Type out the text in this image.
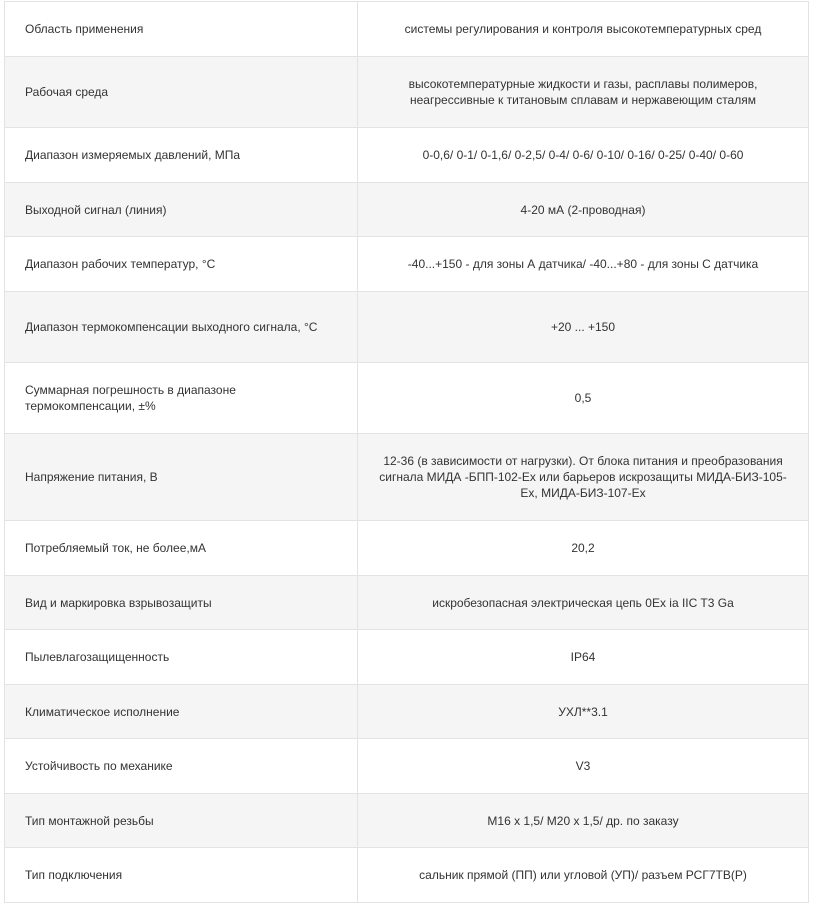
Область применения	системы регулирования и контроля высокотемпературных сред
Рабочая среда	высокотемпературные жидкости и газы, расплавы полимеров, неагрессивные к титановым сплавам и нержавеющим сталям
Диапазон измеряемых давлений, МПа	0-0,6/ 0-1/ 0-1,6/ 0-2,5/ 0-4/ 0-6/ 0-10/ 0-16/ 0-25/ 0-40/ 0-60
Выходной сигнал (линия)	4-20 мА (2-проводная)
Диапазон рабочих температур, °С	-40...+150 - для зоны А датчика/ -40...+80 - для зоны С датчика
Диапазон термокомпенсации выходного сигнала, °С	+20 ... +150
Суммарная погрешность в диапазоне термокомпенсации, ±%	0,5
Напряжение питания, В	12-36 (в зависимости от нагрузки). От блока питания и преобразования сигнала МИДА -БПП-102-Ех или барьеров искрозащиты МИДА-БИЗ-105-Ех, МИДА-БИЗ-107-Ех
Потребляемый ток, не более,мА	20,2
Вид и маркировка взрывозащиты	искробезопасная электрическая цепь 0Ex ia IIC T3 Ga
Пылевлагозащищенность	IP64
Климатическое исполнение	УХЛ**3.1
Устойчивость по механике	V3
Тип монтажной резьбы	М16 х 1,5/ М20 х 1,5/ др. по заказу
Тип подключения	сальник прямой (ПП) или угловой (УП)/ разъем РСГ7ТВ(Р)
